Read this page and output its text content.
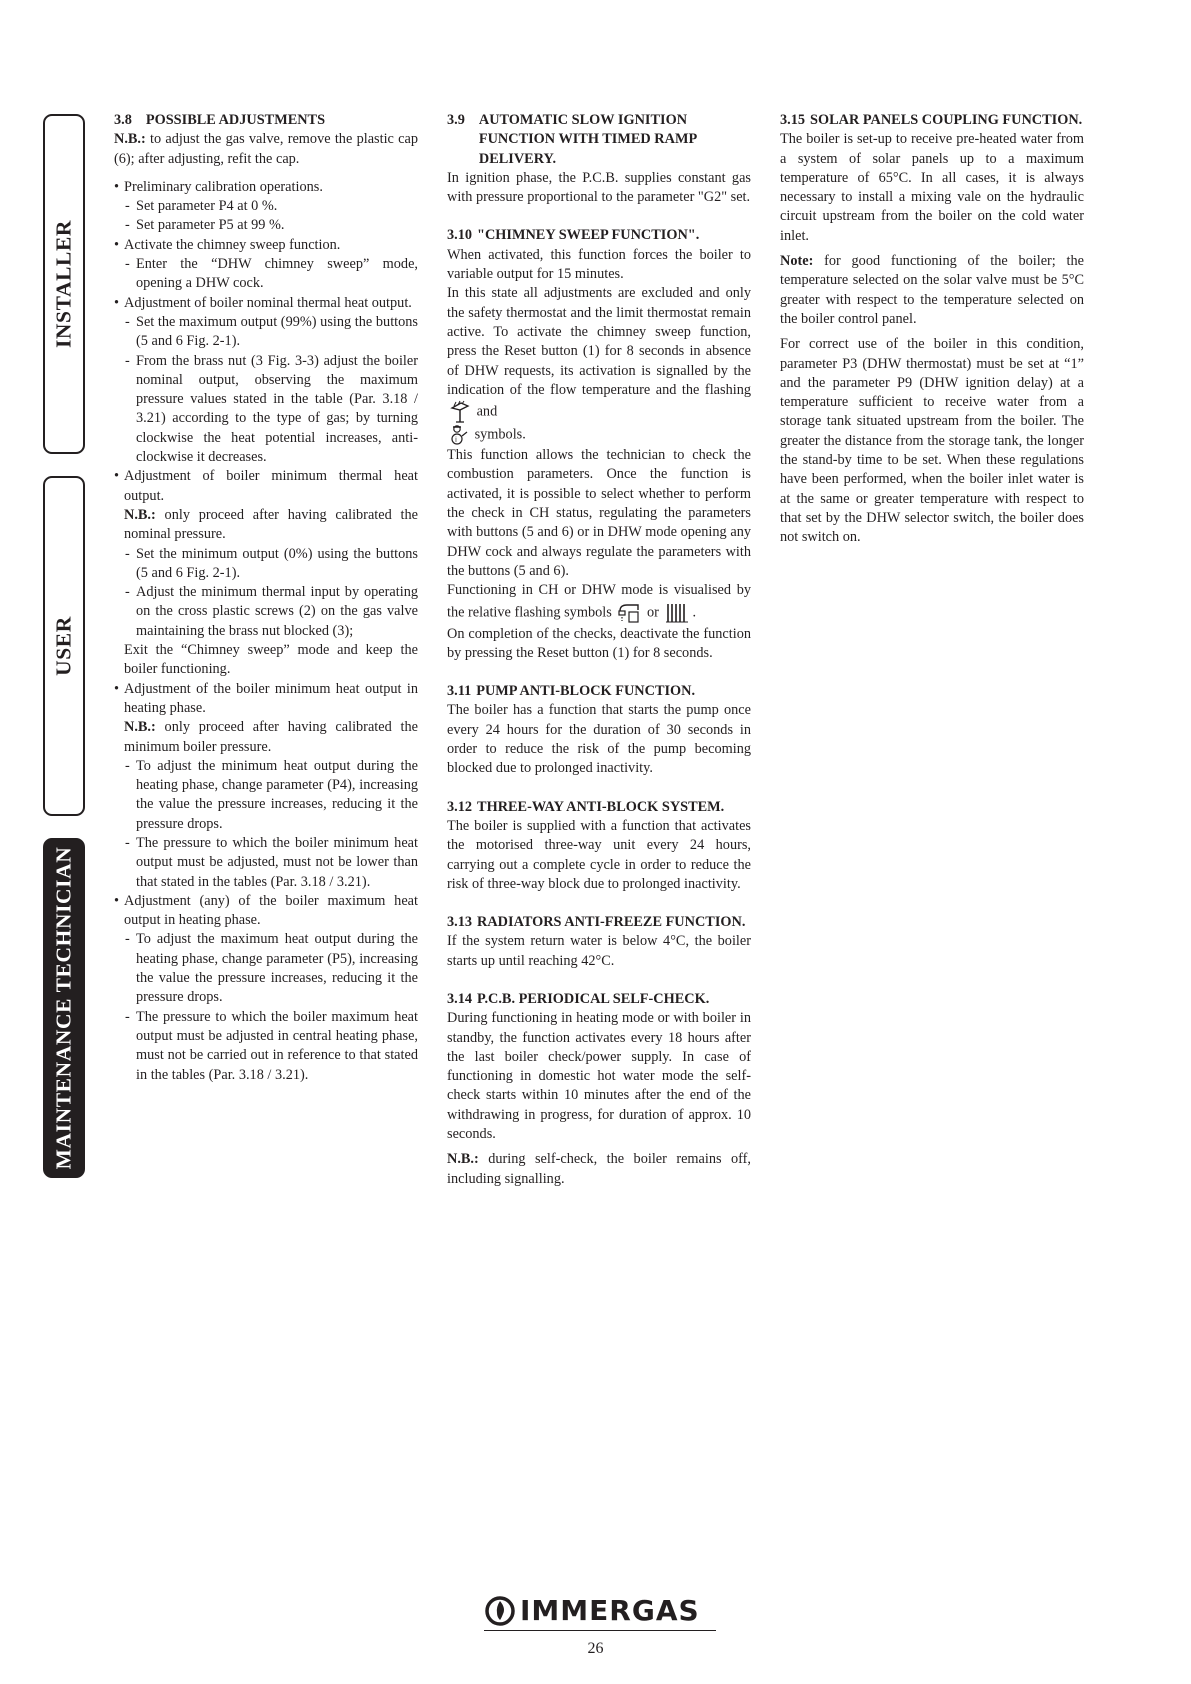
INSTALLER
USER
MAINTENANCE TECHNICIAN

3.8 POSSIBLE ADJUSTMENTS

N.B.: to adjust the gas valve, remove the plastic cap (6); after adjusting, refit the cap.

• Preliminary calibration operations.

- Set parameter P4 at 0 %.

- Set parameter P5 at 99 %.

• Activate the chimney sweep function.

- Enter the “DHW chimney sweep” mode, opening a DHW cock.

• Adjustment of boiler nominal thermal heat output.

- Set the maximum output (99%) using the buttons (5 and 6 Fig. 2-1).

- From the brass nut (3 Fig. 3-3) adjust the boiler nominal output, observing the maximum pressure values stated in the table (Par. 3.18 / 3.21) according to the type of gas; by turning clockwise the heat potential increases, anti-clockwise it decreases.

• Adjustment of boiler minimum thermal heat output.

N.B.: only proceed after having calibrated the nominal pressure.

- Set the minimum output (0%) using the buttons (5 and 6 Fig. 2-1).

- Adjust the minimum thermal input by operating on the cross plastic screws (2) on the gas valve maintaining the brass nut blocked (3);

Exit the “Chimney sweep” mode and keep the boiler functioning.

• Adjustment of the boiler minimum heat output in heating phase.

N.B.: only proceed after having calibrated the minimum boiler pressure.

- To adjust the minimum heat output during the heating phase, change parameter (P4), increasing the value the pressure increases, reducing it the pressure drops.

- The pressure to which the boiler minimum heat output must be adjusted, must not be lower than that stated in the tables (Par. 3.18 / 3.21).

• Adjustment (any) of the boiler maximum heat output in heating phase.

- To adjust the maximum heat output during the heating phase, change parameter (P5), increasing the value the pressure increases, reducing it the pressure drops.

- The pressure to which the boiler maximum heat output must be adjusted in central heating phase, must not be carried out in reference to that stated in the tables (Par. 3.18 / 3.21).

3.9 AUTOMATIC SLOW IGNITION FUNCTION WITH TIMED RAMP DELIVERY.

In ignition phase, the P.C.B. supplies constant gas with pressure proportional to the parameter "G2" set.

3.10 "CHIMNEY SWEEP FUNCTION".

When activated, this function forces the boiler to variable output for 15 minutes.

In this state all adjustments are excluded and only the safety thermostat and the limit thermostat remain active. To activate the chimney sweep function, press the Reset button (1) for 8 seconds in absence of DHW requests, its activation is signalled by the indication of the flow temperature and the flashing  and

i symbols.

This function allows the technician to check the combustion parameters. Once the function is activated, it is possible to select whether to perform the check in CH status, regulating the parameters with buttons (5 and 6) or in DHW mode opening any DHW cock and always regulate the parameters with the buttons (5 and 6).

Functioning in CH or DHW mode is visualised by the relative flashing symbols or .

On completion of the checks, deactivate the function by pressing the Reset button (1) for 8 seconds.

3.11 PUMP ANTI-BLOCK FUNCTION.

The boiler has a function that starts the pump once every 24 hours for the duration of 30 seconds in order to reduce the risk of the pump becoming blocked due to prolonged inactivity.

3.12 THREE-WAY ANTI-BLOCK SYSTEM.

The boiler is supplied with a function that activates the motorised three-way unit every 24 hours, carrying out a complete cycle in order to reduce the risk of three-way block due to prolonged inactivity.

3.13 RADIATORS ANTI-FREEZE FUNCTION.

If the system return water is below 4°C, the boiler starts up until reaching 42°C.

3.14 P.C.B. PERIODICAL SELF-CHECK.

During functioning in heating mode or with boiler in standby, the function activates every 18 hours after the last boiler check/power supply. In case of functioning in domestic hot water mode the self-check starts within 10 minutes after the end of the withdrawing in progress, for duration of approx. 10 seconds.

N.B.: during self-check, the boiler remains off, including signalling.

3.15 SOLAR PANELS COUPLING FUNCTION.

The boiler is set-up to receive pre-heated water from a system of solar panels up to a maximum temperature of 65°C. In all cases, it is always necessary to install a mixing vale on the hydraulic circuit upstream from the boiler on the cold water inlet.

Note: for good functioning of the boiler; the temperature selected on the solar valve must be 5°C greater with respect to the temperature selected on the boiler control panel.

For correct use of the boiler in this condition, parameter P3 (DHW thermostat) must be set at “1” and the parameter P9 (DHW ignition delay) at a temperature sufficient to receive water from a storage tank situated upstream from the boiler. The greater the distance from the storage tank, the longer the stand-by time to be set. When these regulations have been performed, when the boiler inlet water is at the same or greater temperature with respect to that set by the DHW selector switch, the boiler does not switch on.

IMMERGAS
26
